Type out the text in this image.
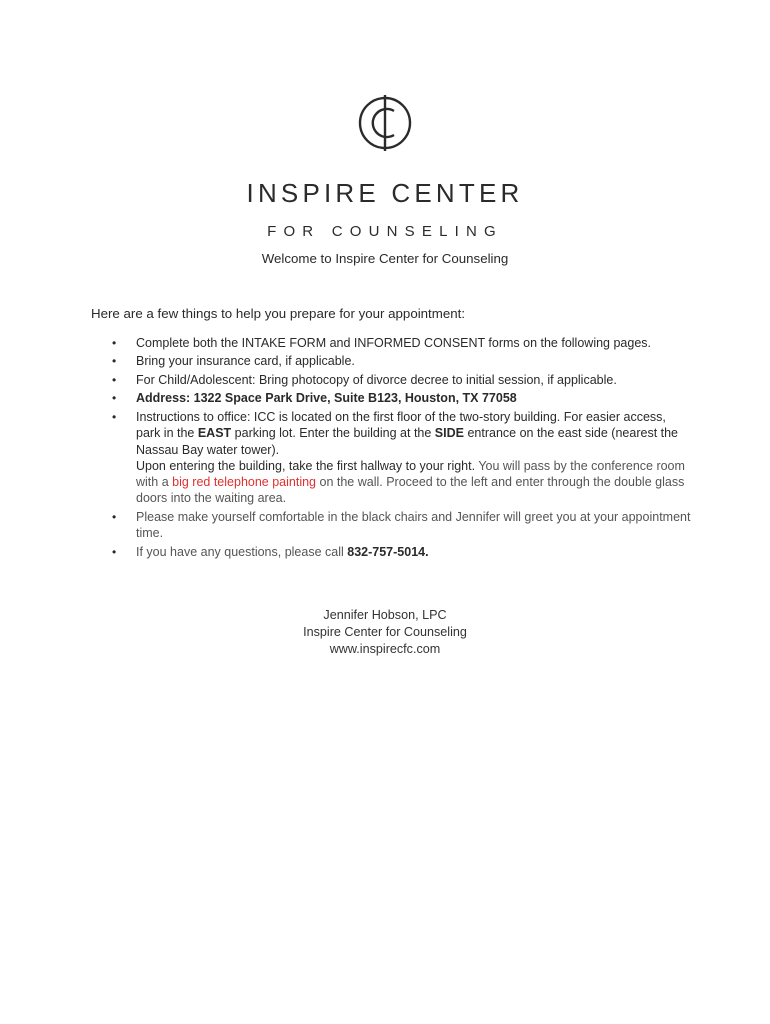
INSPIRE CENTER
FOR COUNSELING
Welcome to Inspire Center for Counseling
Here are a few things to help you prepare for your appointment:
• Complete both the INTAKE FORM and INFORMED CONSENT forms on the following pages.
• Bring your insurance card, if applicable.
• For Child/Adolescent: Bring photocopy of divorce decree to initial session, if applicable.
• Address: 1322 Space Park Drive, Suite B123, Houston, TX 77058
• Instructions to office: ICC is located on the first floor of the two-story building. For easier access, park in the EAST parking lot. Enter the building at the SIDE entrance on the east side (nearest the Nassau Bay water tower).
Upon entering the building, take the first hallway to your right. You will pass by the conference room with a big red telephone painting on the wall. Proceed to the left and enter through the double glass doors into the waiting area.
• Please make yourself comfortable in the black chairs and Jennifer will greet you at your appointment time.
• If you have any questions, please call 832-757-5014.
Jennifer Hobson, LPC
Inspire Center for Counseling
www.inspirecfc.com
